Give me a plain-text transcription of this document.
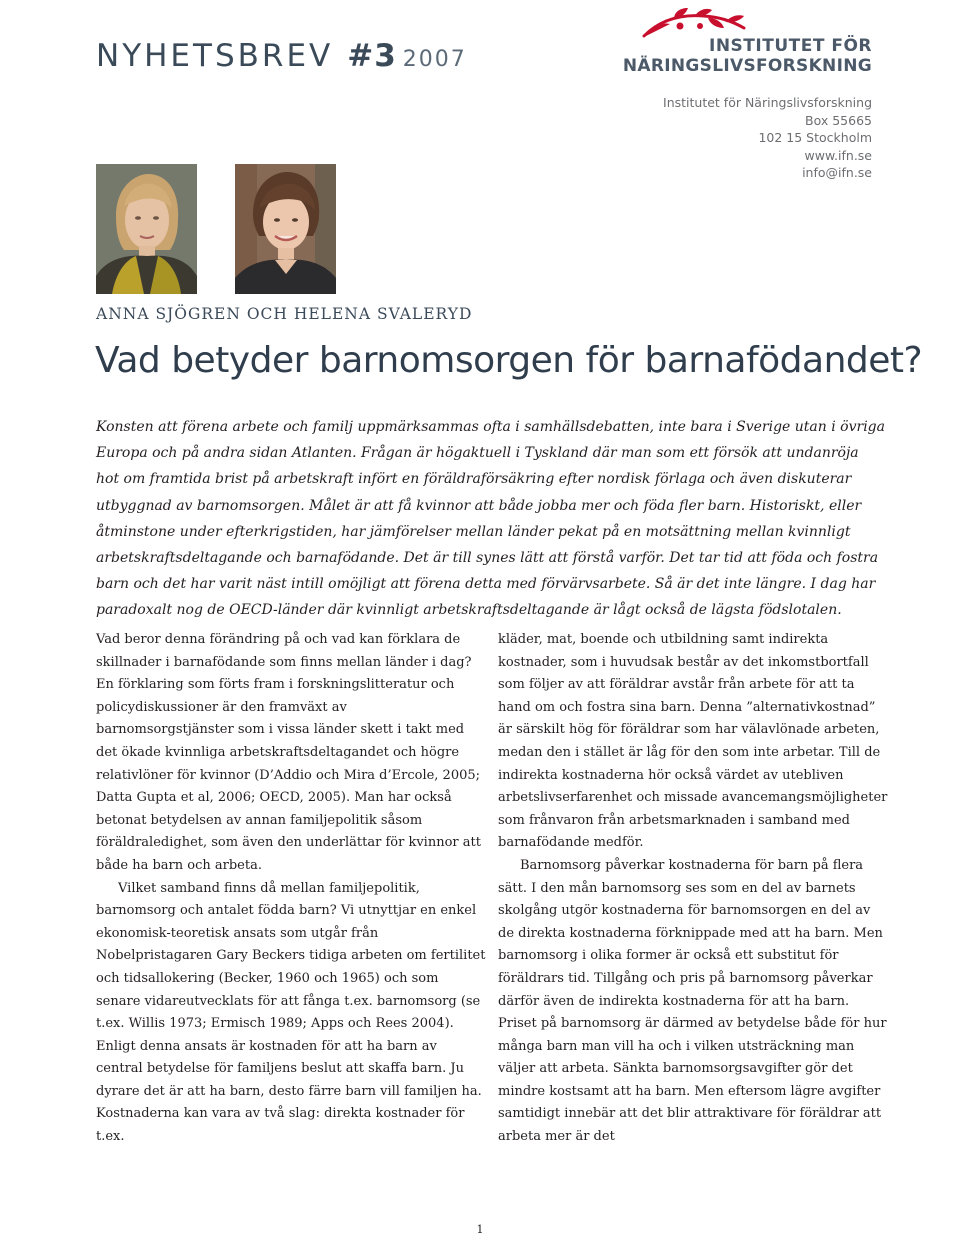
NYHETSBREV #3 2007
INSTITUTET FÖR
NÄRINGSLIVSFORSKNING
Institutet för Näringslivsforskning
Box 55665
102 15 Stockholm
www.ifn.se
info@ifn.se
ANNA SJÖGREN OCH HELENA SVALERYD
Vad betyder barnomsorgen för barnafödandet?
Konsten att förena arbete och familj uppmärksammas ofta i samhällsdebatten, inte bara i Sverige utan i övriga Europa och på andra sidan Atlanten. Frågan är högaktuell i Tyskland där man som ett försök att undanröja hot om framtida brist på arbetskraft infört en föräldraförsäkring efter nordisk förlaga och även diskuterar utbyggnad av barnomsorgen. Målet är att få kvinnor att både jobba mer och föda fler barn. Historiskt, eller åtminstone under efterkrigstiden, har jämförelser mellan länder pekat på en motsättning mellan kvinnligt arbetskraftsdeltagande och barnafödande. Det är till synes lätt att förstå varför. Det tar tid att föda och fostra barn och det har varit näst intill omöjligt att förena detta med förvärvsarbete. Så är det inte längre. I dag har paradoxalt nog de OECD-länder där kvinnligt arbetskraftsdeltagande är lågt också de lägsta födslotalen.

Vad beror denna förändring på och vad kan förklara de skillnader i barnafödande som finns mellan länder i dag? En förklaring som förts fram i forskningslitteratur och policydiskussioner är den framväxt av barnomsorgstjänster som i vissa länder skett i takt med det ökade kvinnliga arbetskraftsdeltagandet och högre relativlöner för kvinnor (D’Addio och Mira d’Ercole, 2005; Datta Gupta et al, 2006; OECD, 2005). Man har också betonat betydelsen av annan familjepolitik såsom föräldraledighet, som även den underlättar för kvinnor att både ha barn och arbeta.

Vilket samband finns då mellan familjepolitik, barnomsorg och antalet födda barn? Vi utnyttjar en enkel ekonomisk-teoretisk ansats som utgår från Nobelpristagaren Gary Beckers tidiga arbeten om fertilitet och tidsallokering (Becker, 1960 och 1965) och som senare vidareutvecklats för att fånga t.ex. barnomsorg (se t.ex. Willis 1973; Ermisch 1989; Apps och Rees 2004). Enligt denna ansats är kostnaden för att ha barn av central betydelse för familjens beslut att skaffa barn. Ju dyrare det är att ha barn, desto färre barn vill familjen ha. Kostnaderna kan vara av två slag: direkta kostnader för t.ex.

kläder, mat, boende och utbildning samt indirekta kostnader, som i huvudsak består av det inkomstbortfall som följer av att föräldrar avstår från arbete för att ta hand om och fostra sina barn. Denna ”alternativkostnad” är särskilt hög för föräldrar som har välavlönade arbeten, medan den i stället är låg för den som inte arbetar. Till de indirekta kostnaderna hör också värdet av utebliven arbetslivserfarenhet och missade avancemangsmöjligheter som frånvaron från arbetsmarknaden i samband med barnafödande medför.

Barnomsorg påverkar kostnaderna för barn på flera sätt. I den mån barnomsorg ses som en del av barnets skolgång utgör kostnaderna för barnomsorgen en del av de direkta kostnaderna förknippade med att ha barn. Men barnomsorg i olika former är också ett substitut för föräldrars tid. Tillgång och pris på barnomsorg påverkar därför även de indirekta kostnaderna för att ha barn. Priset på barnomsorg är därmed av betydelse både för hur många barn man vill ha och i vilken utsträckning man väljer att arbeta. Sänkta barnomsorgsavgifter gör det mindre kostsamt att ha barn. Men eftersom lägre avgifter samtidigt innebär att det blir attraktivare för föräldrar att arbeta mer är det

1
